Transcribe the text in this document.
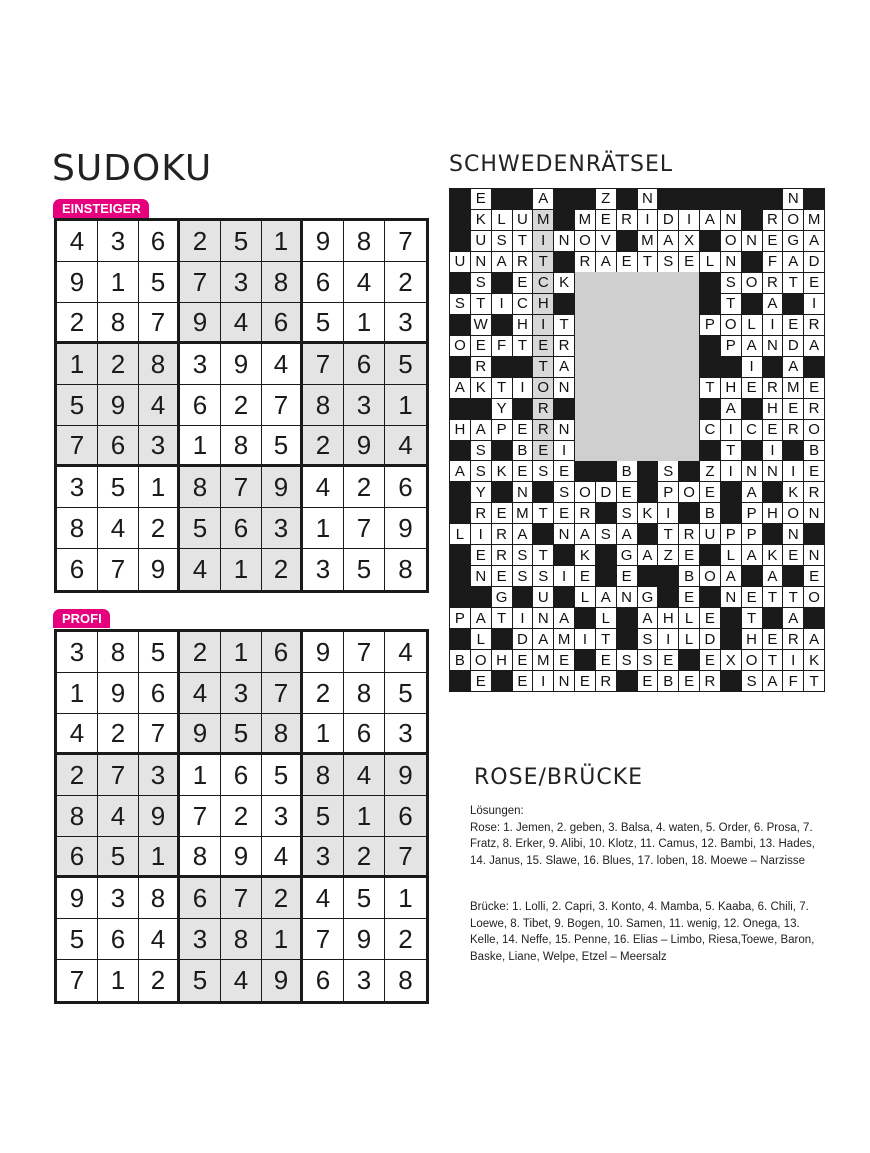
SUDOKU
EINSTEIGER
4	3 6	2	5 1	9	8	7
9	1 5	7	3 8	6	4	2
2	8 7	9	4 6	5	1	3
1	2 8	3	9 4	7	6	5
5	9 4	6	2 7	8	3	1
7	6 3	1	8 5	2	9	4
3	5 1	8	7 9	4	2	6
8	4 2	5	6 3	1	7	9
6	7 9	4	1 2	3	5	8
PROFI
3	8 5	2	1 6	9	7	4
1	9 6	4	3 7	2	8	5
4	2 7	9	5 8	1	6	3
2	7 3	1	6 5	8	4	9
8	4 9	7	2 3	5	1	6
6	5 1	8	9 4	3	2	7
9	3 8	6	7 2	4	5	1
5	6 4	3	8 1	7	9	2
7	1 2	5	4 9	6	3	8
SCHWEDENRÄTSEL
E	A	Z	N	N
K L U M M E R I D I A N	R O M
U S T I N O V	M A X	O N E G A
U N A R T	R A E T S E L N	F A D
S	E C K	S O R T E
S T I C H	T	A	I
W H I T	P O L I E R
O E F T E R	P A N D A
R	T A	I	A
A K T I O N	T H E R M E
Y	R	A	H E R
H A P E R N	C I C E R O
S	B E I	T	I	B
A S K E S E	B	S	Z I N N I E
Y	N	S O D E	P O E	A	K R
R E M T E R	S K I	B	P H O N
L I R A	N A S A	T R U P P	N
E R S T	K	G A Z E	L A K E N
N E S S I E	E	B O A	A	E
G U	L A N G	E	N E T T O
P A T I N A	L	A H L E	T	A
L	D A M I T	S I L D	H E R A
B O H E M E	E S S E	E X O T I K
E	E I N E R	E B E R	S A F T
ROSE/BRÜCKE

Lösungen:

Rose: 1. Jemen, 2. geben, 3. Balsa, 4. waten, 5. Order, 6. Prosa, 7. Fratz, 8. Erker, 9. Alibi, 10. Klotz, 11. Camus, 12. Bambi, 13. Hades, 14. Janus, 15. Slawe, 16. Blues, 17. loben, 18. Moewe – Narzisse

Brücke: 1. Lolli, 2. Capri, 3. Konto, 4. Mamba, 5. Kaaba, 6. Chili, 7. Loewe, 8. Tibet, 9. Bogen, 10. Samen, 11. wenig, 12. Onega, 13. Kelle, 14. Neffe, 15. Penne, 16. Elias – Limbo, Riesa,Toewe, Baron, Baske, Liane, Welpe, Etzel – Meersalz
